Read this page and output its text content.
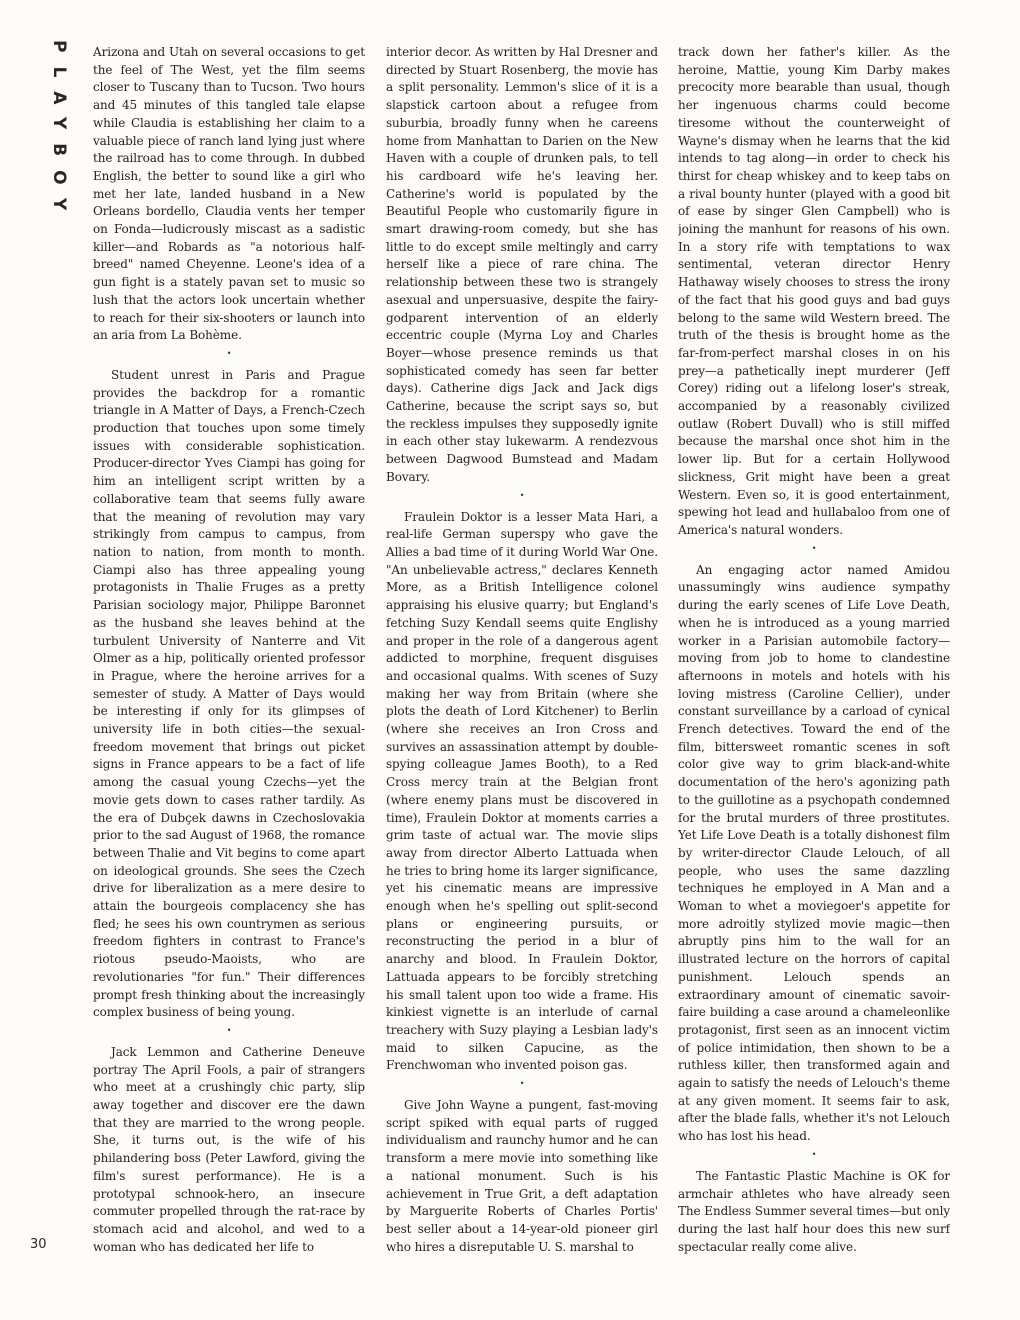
PLAYBOY Arizona and Utah on several occasions to get the feel of The West, yet the film seems closer to Tuscany than to Tucson. Two hours and 45 minutes of this tangled tale elapse while Claudia is establishing her claim to a valuable piece of ranch land lying just where the railroad has to come through. In dubbed English, the better to sound like a girl who met her late, landed husband in a New Orleans bordello, Claudia vents her temper on Fonda—ludicrously miscast as a sadistic killer—and Robards as "a notorious half-breed" named Cheyenne. Leone's idea of a gun fight is a stately pavan set to music so lush that the actors look uncertain whether to reach for their six-shooters or launch into an aria from La Bohème.

•

Student unrest in Paris and Prague provides the backdrop for a romantic triangle in A Matter of Days, a French-Czech production that touches upon some timely issues with considerable sophistication. Producer-director Yves Ciampi has going for him an intelligent script written by a collaborative team that seems fully aware that the meaning of revolution may vary strikingly from campus to campus, from nation to nation, from month to month. Ciampi also has three appealing young protagonists in Thalie Fruges as a pretty Parisian sociology major, Philippe Baronnet as the husband she leaves behind at the turbulent University of Nanterre and Vit Olmer as a hip, politically oriented professor in Prague, where the heroine arrives for a semester of study. A Matter of Days would be interesting if only for its glimpses of university life in both cities—the sexual-freedom movement that brings out picket signs in France appears to be a fact of life among the casual young Czechs—yet the movie gets down to cases rather tardily. As the era of Dubçek dawns in Czechoslovakia prior to the sad August of 1968, the romance between Thalie and Vit begins to come apart on ideological grounds. She sees the Czech drive for liberalization as a mere desire to attain the bourgeois complacency she has fled; he sees his own countrymen as serious freedom fighters in contrast to France's riotous pseudo-Maoists, who are revolutionaries "for fun." Their differences prompt fresh thinking about the increasingly complex business of being young.

•

Jack Lemmon and Catherine Deneuve portray The April Fools, a pair of strangers who meet at a crushingly chic party, slip away together and discover ere the dawn that they are married to the wrong people. She, it turns out, is the wife of his philandering boss (Peter Lawford, giving the film's surest performance). He is a prototypal schnook-hero, an insecure commuter propelled through the rat-race by stomach acid and alcohol, and wed to a woman who has dedicated her life to

interior decor. As written by Hal Dresner and directed by Stuart Rosenberg, the movie has a split personality. Lemmon's slice of it is a slapstick cartoon about a refugee from suburbia, broadly funny when he careens home from Manhattan to Darien on the New Haven with a couple of drunken pals, to tell his cardboard wife he's leaving her. Catherine's world is populated by the Beautiful People who customarily figure in smart drawing-room comedy, but she has little to do except smile meltingly and carry herself like a piece of rare china. The relationship between these two is strangely asexual and unpersuasive, despite the fairy-godparent intervention of an elderly eccentric couple (Myrna Loy and Charles Boyer—whose presence reminds us that sophisticated comedy has seen far better days). Catherine digs Jack and Jack digs Catherine, because the script says so, but the reckless impulses they supposedly ignite in each other stay lukewarm. A rendezvous between Dagwood Bumstead and Madam Bovary.

•

Fraulein Doktor is a lesser Mata Hari, a real-life German superspy who gave the Allies a bad time of it during World War One. "An unbelievable actress," declares Kenneth More, as a British Intelligence colonel appraising his elusive quarry; but England's fetching Suzy Kendall seems quite Englishy and proper in the role of a dangerous agent addicted to morphine, frequent disguises and occasional qualms. With scenes of Suzy making her way from Britain (where she plots the death of Lord Kitchener) to Berlin (where she receives an Iron Cross and survives an assassination attempt by double-spying colleague James Booth), to a Red Cross mercy train at the Belgian front (where enemy plans must be discovered in time), Fraulein Doktor at moments carries a grim taste of actual war. The movie slips away from director Alberto Lattuada when he tries to bring home its larger significance, yet his cinematic means are impressive enough when he's spelling out split-second plans or engineering pursuits, or reconstructing the period in a blur of anarchy and blood. In Fraulein Doktor, Lattuada appears to be forcibly stretching his small talent upon too wide a frame. His kinkiest vignette is an interlude of carnal treachery with Suzy playing a Lesbian lady's maid to silken Capucine, as the Frenchwoman who invented poison gas.

•

Give John Wayne a pungent, fast-moving script spiked with equal parts of rugged individualism and raunchy humor and he can transform a mere movie into something like a national monument. Such is his achievement in True Grit, a deft adaptation by Marguerite Roberts of Charles Portis' best seller about a 14-year-old pioneer girl who hires a disreputable U. S. marshal to

track down her father's killer. As the heroine, Mattie, young Kim Darby makes precocity more bearable than usual, though her ingenuous charms could become tiresome without the counterweight of Wayne's dismay when he learns that the kid intends to tag along—in order to check his thirst for cheap whiskey and to keep tabs on a rival bounty hunter (played with a good bit of ease by singer Glen Campbell) who is joining the manhunt for reasons of his own. In a story rife with temptations to wax sentimental, veteran director Henry Hathaway wisely chooses to stress the irony of the fact that his good guys and bad guys belong to the same wild Western breed. The truth of the thesis is brought home as the far-from-perfect marshal closes in on his prey—a pathetically inept murderer (Jeff Corey) riding out a lifelong loser's streak, accompanied by a reasonably civilized outlaw (Robert Duvall) who is still miffed because the marshal once shot him in the lower lip. But for a certain Hollywood slickness, Grit might have been a great Western. Even so, it is good entertainment, spewing hot lead and hullabaloo from one of America's natural wonders.

•

An engaging actor named Amidou unassumingly wins audience sympathy during the early scenes of Life Love Death, when he is introduced as a young married worker in a Parisian automobile factory—moving from job to home to clandestine afternoons in motels and hotels with his loving mistress (Caroline Cellier), under constant surveillance by a carload of cynical French detectives. Toward the end of the film, bittersweet romantic scenes in soft color give way to grim black-and-white documentation of the hero's agonizing path to the guillotine as a psychopath condemned for the brutal murders of three prostitutes. Yet Life Love Death is a totally dishonest film by writer-director Claude Lelouch, of all people, who uses the same dazzling techniques he employed in A Man and a Woman to whet a moviegoer's appetite for more adroitly stylized movie magic—then abruptly pins him to the wall for an illustrated lecture on the horrors of capital punishment. Lelouch spends an extraordinary amount of cinematic savoir-faire building a case around a chameleonlike protagonist, first seen as an innocent victim of police intimidation, then shown to be a ruthless killer, then transformed again and again to satisfy the needs of Lelouch's theme at any given moment. It seems fair to ask, after the blade falls, whether it's not Lelouch who has lost his head.

•

The Fantastic Plastic Machine is OK for armchair athletes who have already seen The Endless Summer several times—but only during the last half hour does this new surf spectacular really come alive.

30
